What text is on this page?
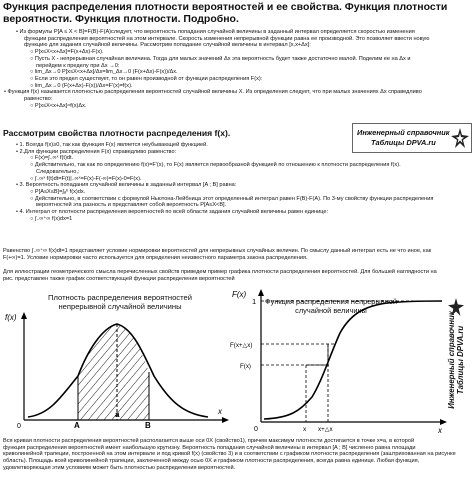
Функция распределения плотности вероятностей и ее свойства. Функция плотности вероятности. Функция плотности. Подробно.
• Из формулы P[A ≤ X < B]=F(B)-F(A)следует, что вероятность попадания случайной величины в заданный интервал определяется скоростью изменения
функции распределения вероятностей на этом интервале. Скорость изменения непрерывной функции равна ее производной. Это позволяет ввести новую
функцию для задания случайной величины. Рассмотрим попадание случайной величины в интервал [x,x+Δx]:
○ P[x≤X<x+Δx]=F(x+Δx)-F(x).
○ Пусть X - непрерывная случайная величина. Тогда для малых значений Δx эта вероятность будет также достаточно малой. Поделим ее на Δx и
перейдем к пределу при Δx →0:
○ lim_Δx→0 P[x≤X<x+Δx]/Δx=lim_Δx→0 (F(x+Δx)-F(x))/Δx.
○ Если это предел существует, то он равен производной от функции распределения F(x):
○ lim_Δx→0 (F(x+Δx)-F(x))/Δx=F'(x)=f(x).
• Функция f(x) называется плотностью распределения вероятностей случайной величины X. Из определения следует, что при малых значениях Δx справедливо
равенство:
○ P[x≤X<x+Δx]≈f(x)Δx.
Рассмотрим свойства плотности распределения f(x).	Инженерный справочник
Таблицы DPVA.ru
• 1. Всегда f(x)≥0, так как функция F(x) является неубывающей функцией.
• 2.Для функции распределения F(x) справедливо равенство:
○ F(x)=∫₋∞ˣ f(t)dt.
○ Действительно, так как по определению f(x)=F'(x), то F(x) является первообразной функцией по отношению к плотности распределения f(x).
Следовательно,:
○ ∫₋∞ˣ f(t)dt=F(t)|₋∞ˣ=F(x)-F(-∞)=F(x)-0=F(x).
• 3. Вероятность попадания случайной величины в заданный интервал [A ; B] равна:
○ P[A≤X≤B]=∫ₐᵇ f(x)dx.
○ Действительно, в соответствии с формулой Ньютона-Лейбница этот определенный интеграл равен F(B)-F(A). По 3-му свойству функции распределения
вероятностей эта разность и представляет собой вероятность P[A≤X<B].
• 4. Интеграл от плотности распределения вероятностей по всей области задания случайной величины равен единице:
○ ∫₋∞⁺∞ f(x)dx=1
Равенство ∫₋∞⁺∞ f(x)dt=1 представляет условие нормировки вероятностей для непрерывных случайных величин. По смыслу данный интеграл есть не что иное, как
F(+∞)=1. Условие нормировки часто используется для определения неизвестного параметра закона распределения.
Для иллюстрации геометрического смысла перечисленных свойств приведем пример графика плотности распределения вероятностей. Для большей наглядности на
рис. представлен также график соответствующей функции распределения вероятностей
Плотность распределения вероятностей
непрерывной случайной величины
f(x)
x
A
a
B
0
Функция распределения непрерывной
случайной величины
F(x)
x
1
F(x+△x)
F(x)
x x+△x
0
Инженерный справочник Таблицы DPVA.ru
Вся кривая плотности распределения вероятностей располагается выше оси 0X (свойство1), причем максимум плотности достигается в точке x=a, в которой
функция распределения вероятностей имеет наибольшую крутизну. Вероятность попадания случайной величины в интервал [A ; B] численно равна площади
криволинейной трапеции, построенной на этом интервале и под кривой f(x) (свойство 3) и в соответствии с графиком плотности распределения (заштрихованная на рисунке
область). Площадь всей криволинейной трапеции, заключенной между осью 0X и графиком плотности распределения, всегда равна единице. Любая функция,
удовлетворяющая этим условиям может быть плотностью распределения вероятностей.
